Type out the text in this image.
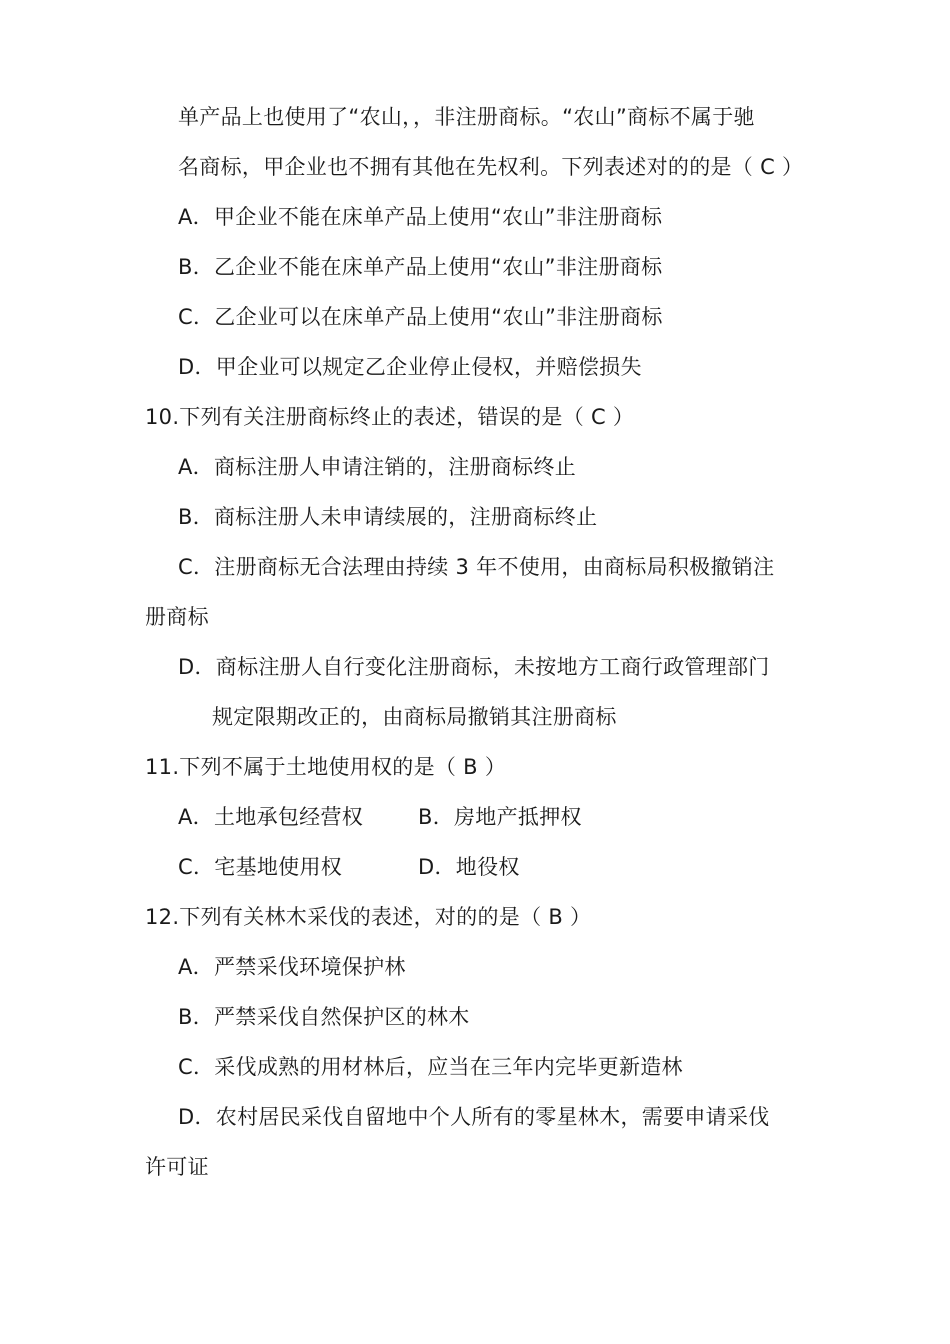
单产品上也使用了“农山，，非注册商标。“农山”商标不属于驰
名商标，甲企业也不拥有其他在先权利。下列表述对的的是（ C ）
A．甲企业不能在床单产品上使用“农山”非注册商标
B．乙企业不能在床单产品上使用“农山”非注册商标
C．乙企业可以在床单产品上使用“农山”非注册商标
D．甲企业可以规定乙企业停止侵权，并赔偿损失
10.下列有关注册商标终止的表述，错误的是（ C ）
A．商标注册人申请注销的，注册商标终止
B．商标注册人未申请续展的，注册商标终止
C．注册商标无合法理由持续 3 年不使用，由商标局积极撤销注
册商标
D．商标注册人自行变化注册商标，未按地方工商行政管理部门
规定限期改正的，由商标局撤销其注册商标
11.下列不属于土地使用权的是（ B ）
A．土地承包经营权	B．房地产抵押权
C．宅基地使用权	D．地役权
12.下列有关林木采伐的表述，对的的是（ B ）
A．严禁采伐环境保护林
B．严禁采伐自然保护区的林木
C．采伐成熟的用材林后，应当在三年内完毕更新造林
D．农村居民采伐自留地中个人所有的零星林木，需要申请采伐
许可证
